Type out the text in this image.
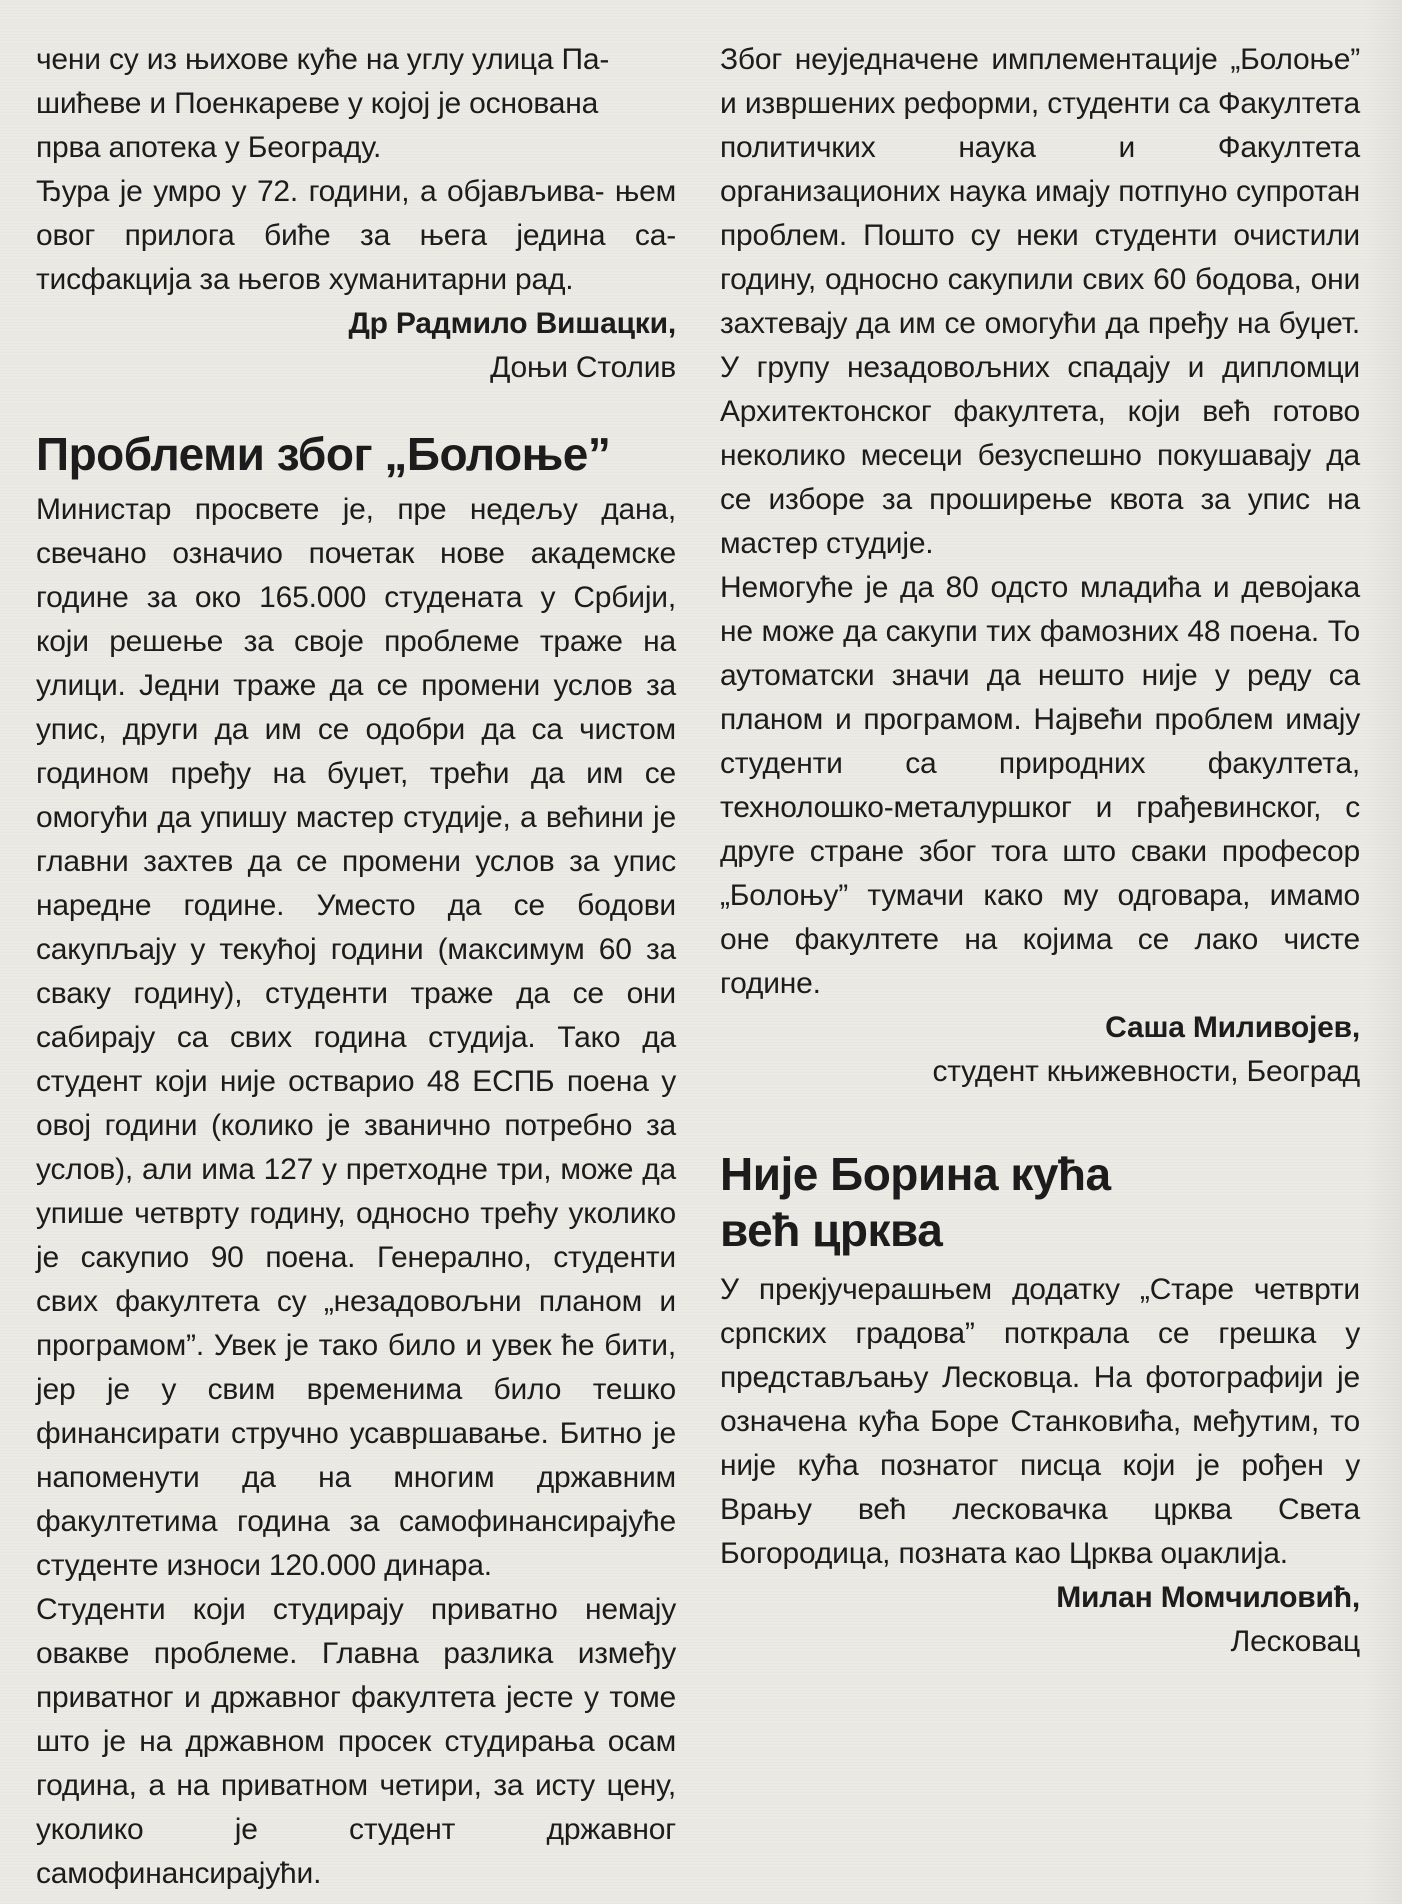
чени су из њихове куће на углу улица Па-

шићеве и Поенкареве у којој је основана

прва апотека у Београду.

Ђура је умро у 72. години, а објављива- њем овог прилога биће за њега једина са- тисфакција за његов хуманитарни рад.

Др Радмило Вишацки,

Доњи Столив

Проблеми због „Болоње”

Министар просвете је, пре недељу дана, свечано означио почетак нове академске године за око 165.000 студената у Србији, који решење за своје проблеме траже на улици. Једни траже да се промени услов за упис, други да им се одобри да са чистом годином пређу на буџет, трећи да им се омогући да упишу мастер студије, а већини је главни захтев да се промени услов за упис наредне године. Уместо да се бодови сакупљају у текућој години (максимум 60 за сваку годину), студенти траже да се они сабирају са свих година студија. Тако да студент који није остварио 48 ЕСПБ поена у овој години (колико је званично потребно за услов), али има 127 у претходне три, може да упише четврту годину, односно трећу уколико је сакупио 90 поена. Генерално, студенти свих факултета су „незадовољни планом и програмом”. Увек је тако било и увек ће бити, јер је у свим временима било тешко финансирати стручно усавршавање. Битно је напоменути да на многим државним факултетима година за самофинансирајуће студенте износи 120.000 динара.

Студенти који студирају приватно немају овакве проблеме. Главна разлика између приватног и државног факултета јесте у томе што је на државном просек студирања осам година, а на приватном четири, за исту цену, уколико је студент државног самофинансирајући.

Због неуједначене имплементације „Болоње” и извршених реформи, студенти са Факултета политичких наука и Факултета организационих наука имају потпуно супротан проблем. Пошто су неки студенти очистили годину, односно сакупили свих 60 бодова, они захтевају да им се омогући да пређу на буџет. У групу незадовољних спадају и дипломци Архитектонског факултета, који већ готово неколико месеци безуспешно покушавају да се изборе за проширење квота за упис на мастер студије.

Немогуће је да 80 одсто младића и девојака не може да сакупи тих фамозних 48 поена. То аутоматски значи да нешто није у реду са планом и програмом. Највећи проблем имају студенти са природних факултета, технолошко-металуршког и грађевинског, с друге стране због тога што сваки професор „Болоњу” тумачи како му одговара, имамо оне факултете на којима се лако чисте године.

Саша Миливојев,

студент књижевности, Београд

Није Борина кућа
већ црква

У прекјучерашњем додатку „Старе четврти српских градова” поткрала се грешка у представљању Лесковца. На фотографији је означена кућа Боре Станковића, међутим, то није кућа познатог писца који је рођен у Врању већ лесковачка црква Света Богородица, позната као Црква оџаклија.

Милан Момчиловић,

Лесковац
